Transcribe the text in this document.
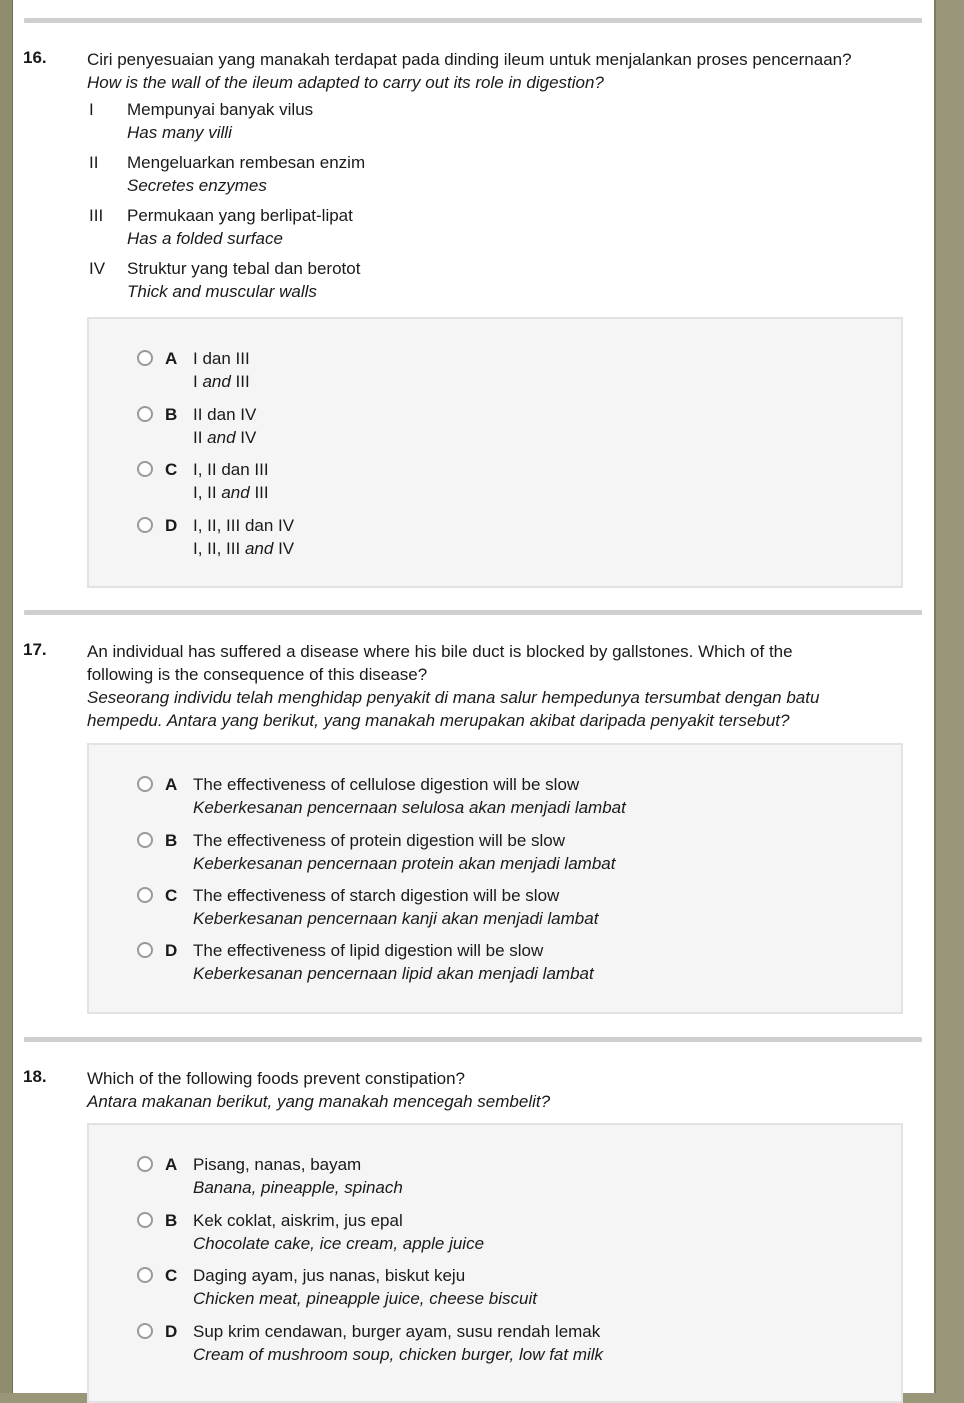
16. Ciri penyesuaian yang manakah terdapat pada dinding ileum untuk menjalankan proses pencernaan?
How is the wall of the ileum adapted to carry out its role in digestion?
I	Mempunyai banyak vilus
Has many villi
II	Mengeluarkan rembesan enzim
Secretes enzymes
III	Permukaan yang berlipat-lipat
Has a folded surface
IV	Struktur yang tebal dan berotot
Thick and muscular walls
A I dan III
I and III
B II dan IV
II and IV
C I, II dan III
I, II and III
D I, II, III dan IV
I, II, III and IV
17. An individual has suffered a disease where his bile duct is blocked by gallstones. Which of the
following is the consequence of this disease?
Seseorang individu telah menghidap penyakit di mana salur hempedunya tersumbat dengan batu
hempedu. Antara yang berikut, yang manakah merupakan akibat daripada penyakit tersebut?
A The effectiveness of cellulose digestion will be slow
Keberkesanan pencernaan selulosa akan menjadi lambat
B The effectiveness of protein digestion will be slow
Keberkesanan pencernaan protein akan menjadi lambat
C The effectiveness of starch digestion will be slow
Keberkesanan pencernaan kanji akan menjadi lambat
D The effectiveness of lipid digestion will be slow
Keberkesanan pencernaan lipid akan menjadi lambat
18. Which of the following foods prevent constipation?
Antara makanan berikut, yang manakah mencegah sembelit?
A Pisang, nanas, bayam
Banana, pineapple, spinach
B Kek coklat, aiskrim, jus epal
Chocolate cake, ice cream, apple juice
C Daging ayam, jus nanas, biskut keju
Chicken meat, pineapple juice, cheese biscuit
D Sup krim cendawan, burger ayam, susu rendah lemak
Cream of mushroom soup, chicken burger, low fat milk
